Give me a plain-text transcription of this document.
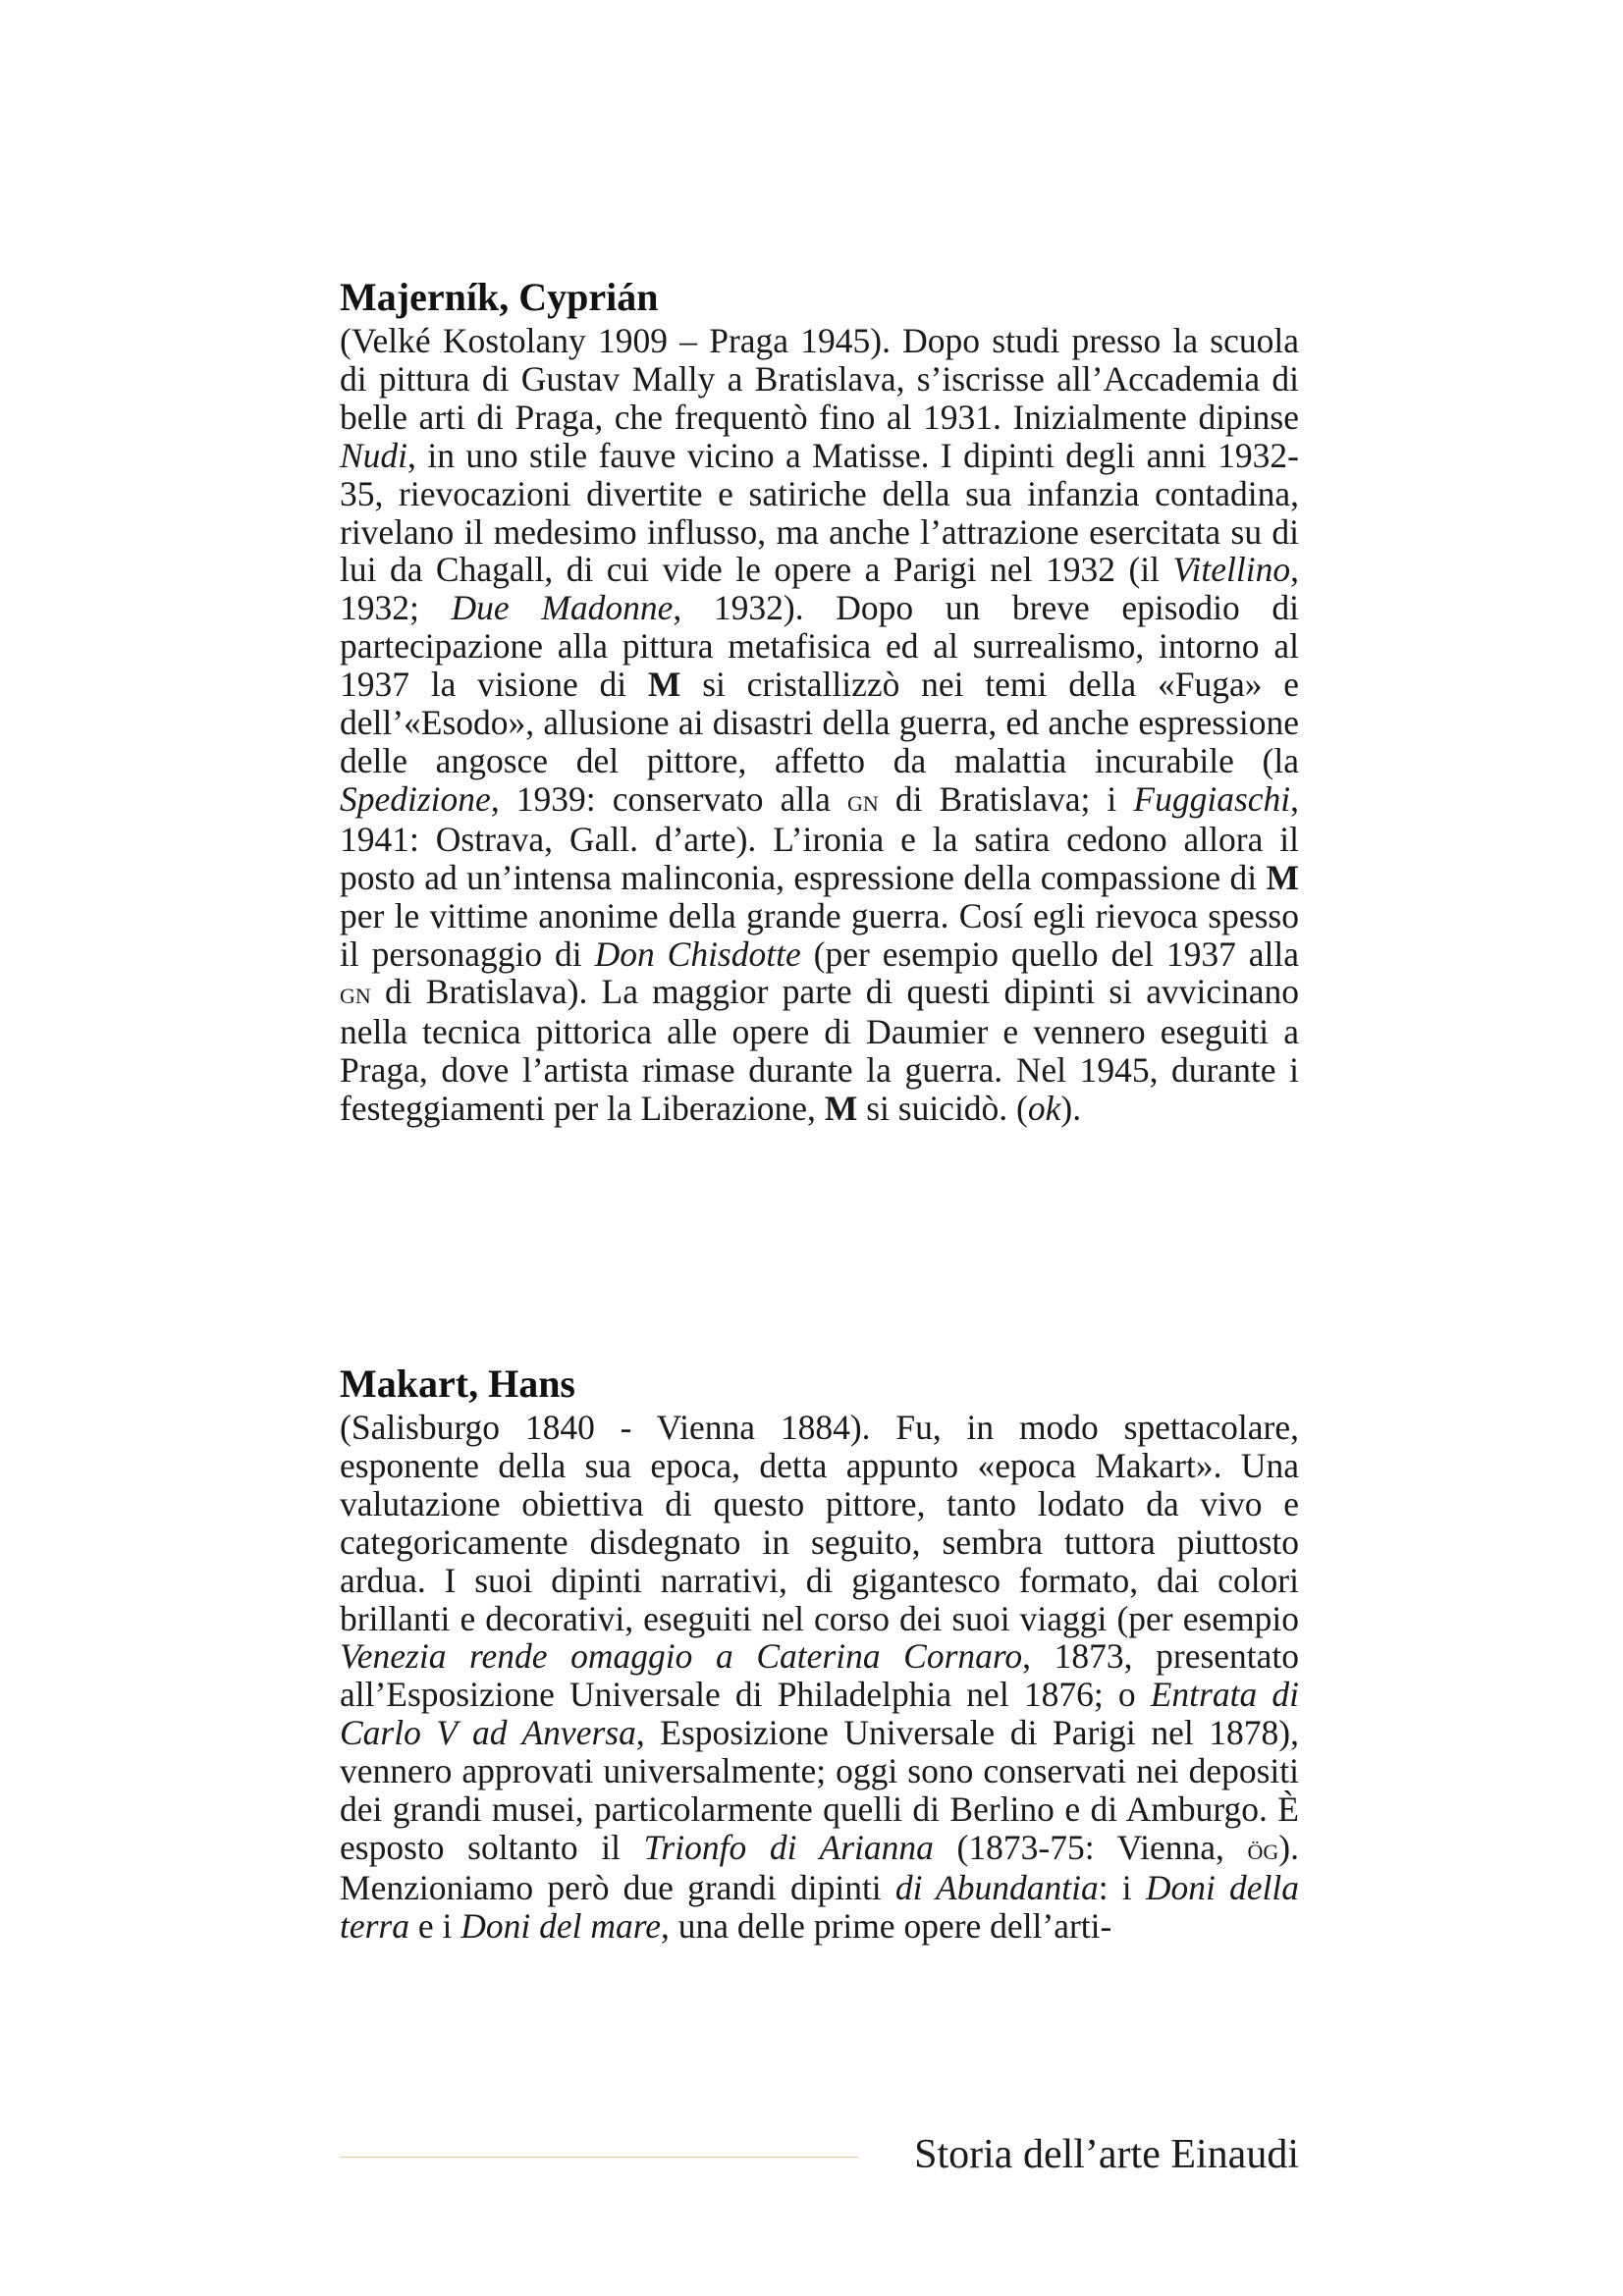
Majerník, Cyprián

(Velké Kostolany 1909 – Praga 1945). Dopo studi presso la scuola di pittura di Gustav Mally a Bratislava, s’iscrisse all’Accademia di belle arti di Praga, che frequentò fino al 1931. Inizialmente dipinse Nudi, in uno stile fauve vicino a Matisse. I dipinti degli anni 1932-35, rievocazioni divertite e satiriche della sua infanzia contadina, rivelano il medesimo influsso, ma anche l’attrazione esercitata su di lui da Chagall, di cui vide le opere a Parigi nel 1932 (il Vitellino, 1932; Due Madonne, 1932). Dopo un breve episodio di partecipazione alla pittura metafisica ed al surrealismo, intorno al 1937 la visione di M si cristallizzò nei temi della «Fuga» e dell’«Esodo», allusione ai disastri della guerra, ed anche espressione delle angosce del pittore, affetto da malattia incurabile (la Spedizione, 1939: conservato alla gn di Bratislava; i Fuggiaschi, 1941: Ostrava, Gall. d’arte). L’ironia e la satira cedono allora il posto ad un’intensa malinconia, espressione della compassione di M per le vittime anonime della grande guerra. Cosí egli rievoca spesso il personaggio di Don Chisdotte (per esempio quello del 1937 alla gn di Bratislava). La maggior parte di questi dipinti si avvicinano nella tecnica pittorica alle opere di Daumier e vennero eseguiti a Praga, dove l’artista rimase durante la guerra. Nel 1945, durante i festeggiamenti per la Liberazione, M si suicidò. (ok).

Makart, Hans

(Salisburgo 1840 - Vienna 1884). Fu, in modo spettacolare, esponente della sua epoca, detta appunto «epoca Makart». Una valutazione obiettiva di questo pittore, tanto lodato da vivo e categoricamente disdegnato in seguito, sembra tuttora piuttosto ardua. I suoi dipinti narrativi, di gigantesco formato, dai colori brillanti e decorativi, eseguiti nel corso dei suoi viaggi (per esempio Venezia rende omaggio a Caterina Cornaro, 1873, presentato all’Esposizione Universale di Philadelphia nel 1876; o Entrata di Carlo V ad Anversa, Esposizione Universale di Parigi nel 1878), vennero approvati universalmente; oggi sono conservati nei depositi dei grandi musei, particolarmente quelli di Berlino e di Amburgo. È esposto soltanto il Trionfo di Arianna (1873-75: Vienna, ög). Menzioniamo però due grandi dipinti di Abundantia: i Doni della terra e i Doni del mare, una delle prime opere dell’arti-

Storia dell’arte Einaudi
